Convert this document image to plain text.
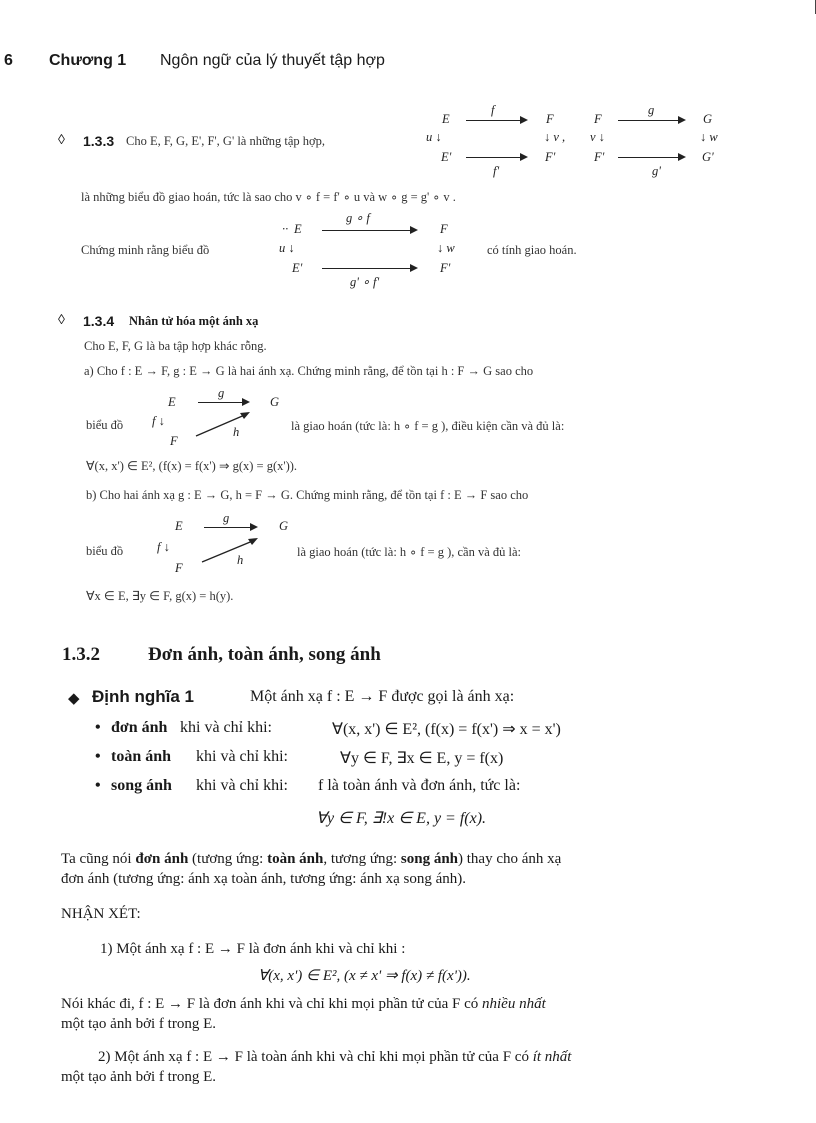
6 Chương 1 Ngôn ngữ của lý thuyết tập hợp
◊ 1.3.3 Cho E, F, G, E', F', G' là những tập hợp,
E
f
F
u ↓	↓ v ,
E'	F'
f'
F
g
G
v ↓	↓ w
F'	G'
g'
là những biểu đồ giao hoán, tức là sao cho v ∘ f = f' ∘ u và w ∘ g = g' ∘ v .
·· E
g ∘ f
F
u ↓	↓ w
E'	F'
g' ∘ f'
Chứng minh rằng biểu đồ	có tính giao hoán.
◊ 1.3.4 Nhân tử hóa một ánh xạ
Cho E, F, G là ba tập hợp khác rỗng.
a) Cho f : E → F, g : E → G là hai ánh xạ. Chứng minh rằng, để tồn tại h : F → G sao cho
E
g
G
f ↓
h
F
biểu đồ	là giao hoán (tức là: h ∘ f = g ), điều kiện cần và đủ là:
∀(x, x') ∈ E², (f(x) = f(x') ⇒ g(x) = g(x')).
b) Cho hai ánh xạ g : E → G, h = F → G. Chứng minh rằng, để tồn tại f : E → F sao cho
E
g
G
f ↓
h
F
biểu đồ	là giao hoán (tức là: h ∘ f = g ), cần và đủ là:
∀x ∈ E, ∃y ∈ F, g(x) = h(y).
1.3.2	Đơn ánh, toàn ánh, song ánh
◆ Định nghĩa 1	Một ánh xạ f : E → F được gọi là ánh xạ:
• đơn ánh khi và chỉ khi:	∀(x, x') ∈ E², (f(x) = f(x') ⇒ x = x')
• toàn ánh khi và chỉ khi:	∀y ∈ F, ∃x ∈ E, y = f(x)
• song ánh khi và chỉ khi: f là toàn ánh và đơn ánh, tức là:
∀y ∈ F, ∃!x ∈ E, y = f(x).
Ta cũng nói đơn ánh (tương ứng: toàn ánh, tương ứng: song ánh) thay cho ánh xạ
đơn ánh (tương ứng: ánh xạ toàn ánh, tương ứng: ánh xạ song ánh).
NHẬN XÉT:
1) Một ánh xạ f : E → F là đơn ánh khi và chỉ khi :
∀(x, x') ∈ E², (x ≠ x' ⇒ f(x) ≠ f(x')).
Nói khác đi, f : E → F là đơn ánh khi và chỉ khi mọi phần tử của F có nhiều nhất
một tạo ảnh bởi f trong E.
2) Một ánh xạ f : E → F là toàn ánh khi và chỉ khi mọi phần tử của F có ít nhất
một tạo ảnh bởi f trong E.
